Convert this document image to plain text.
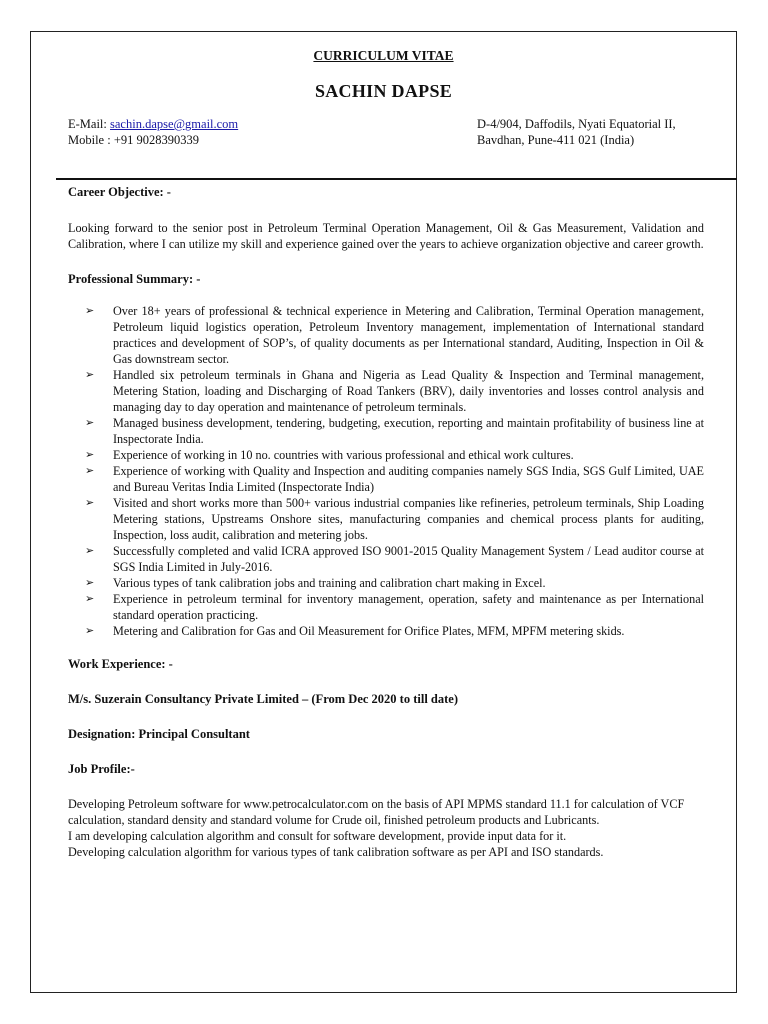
CURRICULUM VITAE
SACHIN DAPSE
E-Mail: sachin.dapse@gmail.com
Mobile : +91 9028390339
D-4/904, Daffodils, Nyati Equatorial II,
Bavdhan, Pune-411 021 (India)
Career Objective: -
Looking forward to the senior post in Petroleum Terminal Operation Management, Oil & Gas Measurement, Validation and Calibration, where I can utilize my skill and experience gained over the years to achieve organization objective and career growth.
Professional Summary: -
➢ Over 18+ years of professional & technical experience in Metering and Calibration, Terminal Operation management, Petroleum liquid logistics operation, Petroleum Inventory management, implementation of International standard practices and development of SOP’s, of quality documents as per International standard, Auditing, Inspection in Oil & Gas downstream sector.
➢ Handled six petroleum terminals in Ghana and Nigeria as Lead Quality & Inspection and Terminal management, Metering Station, loading and Discharging of Road Tankers (BRV), daily inventories and losses control analysis and managing day to day operation and maintenance of petroleum terminals.
➢ Managed business development, tendering, budgeting, execution, reporting and maintain profitability of business line at Inspectorate India.
➢ Experience of working in 10 no. countries with various professional and ethical work cultures.
➢ Experience of working with Quality and Inspection and auditing companies namely SGS India, SGS Gulf Limited, UAE and Bureau Veritas India Limited (Inspectorate India)
➢ Visited and short works more than 500+ various industrial companies like refineries, petroleum terminals, Ship Loading Metering stations, Upstreams Onshore sites, manufacturing companies and chemical process plants for auditing, Inspection, loss audit, calibration and metering jobs.
➢ Successfully completed and valid ICRA approved ISO 9001-2015 Quality Management System / Lead auditor course at SGS India Limited in July-2016.
➢ Various types of tank calibration jobs and training and calibration chart making in Excel.
➢ Experience in petroleum terminal for inventory management, operation, safety and maintenance as per International standard operation practicing.
➢ Metering and Calibration for Gas and Oil Measurement for Orifice Plates, MFM, MPFM metering skids.
Work Experience: -
M/s. Suzerain Consultancy Private Limited – (From Dec 2020 to till date)
Designation: Principal Consultant
Job Profile:-
Developing Petroleum software for www.petrocalculator.com on the basis of API MPMS standard 11.1 for calculation of VCF calculation, standard density and standard volume for Crude oil, finished petroleum products and Lubricants.
I am developing calculation algorithm and consult for software development, provide input data for it.
Developing calculation algorithm for various types of tank calibration software as per API and ISO standards.
